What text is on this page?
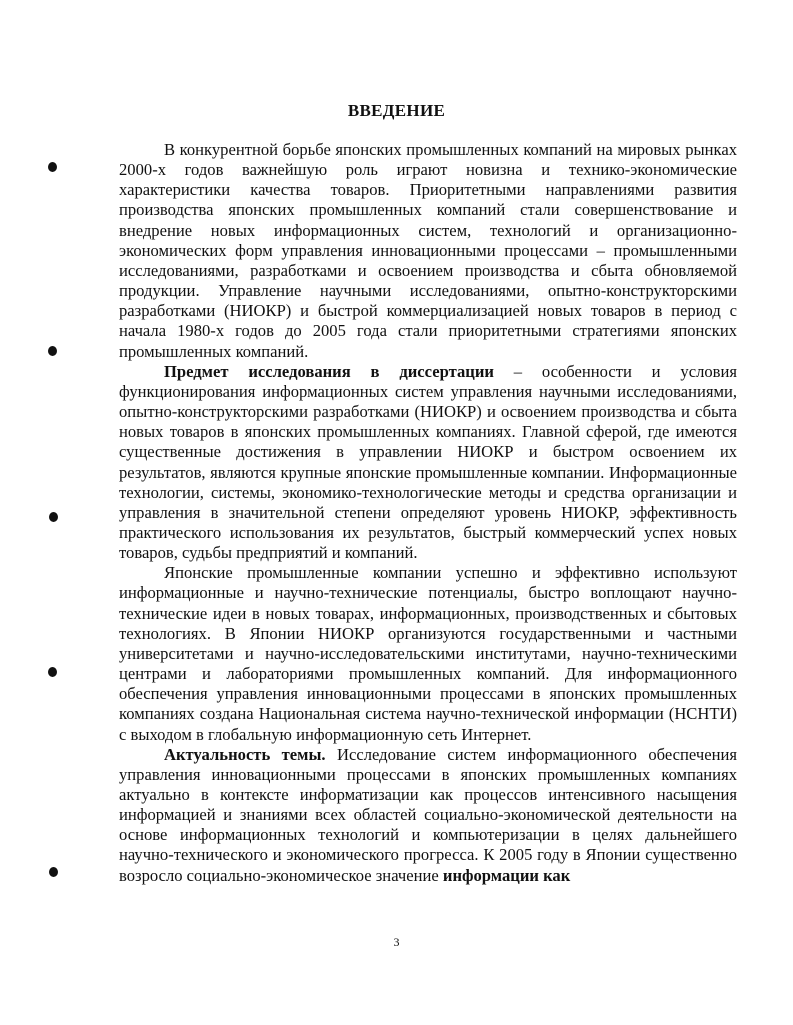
ВВЕДЕНИЕ

В конкурентной борьбе японских промышленных компаний на мировых рынках 2000-х годов важнейшую роль играют новизна и технико-экономические характеристики качества товаров. Приоритетными направлениями развития производства японских промышленных компаний стали совершенствование и внедрение новых информационных систем, технологий и организационно-экономических форм управления инновационными процессами – промышленными исследованиями, разработками и освоением производства и сбыта обновляемой продукции. Управление научными исследованиями, опытно-конструкторскими разработками (НИОКР) и быстрой коммерциализацией новых товаров в период с начала 1980-х годов до 2005 года стали приоритетными стратегиями японских промышленных компаний.

Предмет исследования в диссертации – особенности и условия функционирования информационных систем управления научными исследованиями, опытно-конструкторскими разработками (НИОКР) и освоением производства и сбыта новых товаров в японских промышленных компаниях. Главной сферой, где имеются существенные достижения в управлении НИОКР и быстром освоением их результатов, являются крупные японские промышленные компании. Информационные технологии, системы, экономико-технологические методы и средства организации и управления в значительной степени определяют уровень НИОКР, эффективность практического использования их результатов, быстрый коммерческий успех новых товаров, судьбы предприятий и компаний.

Японские промышленные компании успешно и эффективно используют информационные и научно-технические потенциалы, быстро воплощают научно-технические идеи в новых товарах, информационных, производственных и сбытовых технологиях. В Японии НИОКР организуются государственными и частными университетами и научно-исследовательскими институтами, научно-техническими центрами и лабораториями промышленных компаний. Для информационного обеспечения управления инновационными процессами в японских промышленных компаниях создана Национальная система научно-технической информации (НСНТИ) с выходом в глобальную информационную сеть Интернет.

Актуальность темы. Исследование систем информационного обеспечения управления инновационными процессами в японских промышленных компаниях актуально в контексте информатизации как процессов интенсивного насыщения информацией и знаниями всех областей социально-экономической деятельности на основе информационных технологий и компьютеризации в целях дальнейшего научно-технического и экономического прогресса. К 2005 году в Японии существенно возросло социально-экономическое значение информации как

3
